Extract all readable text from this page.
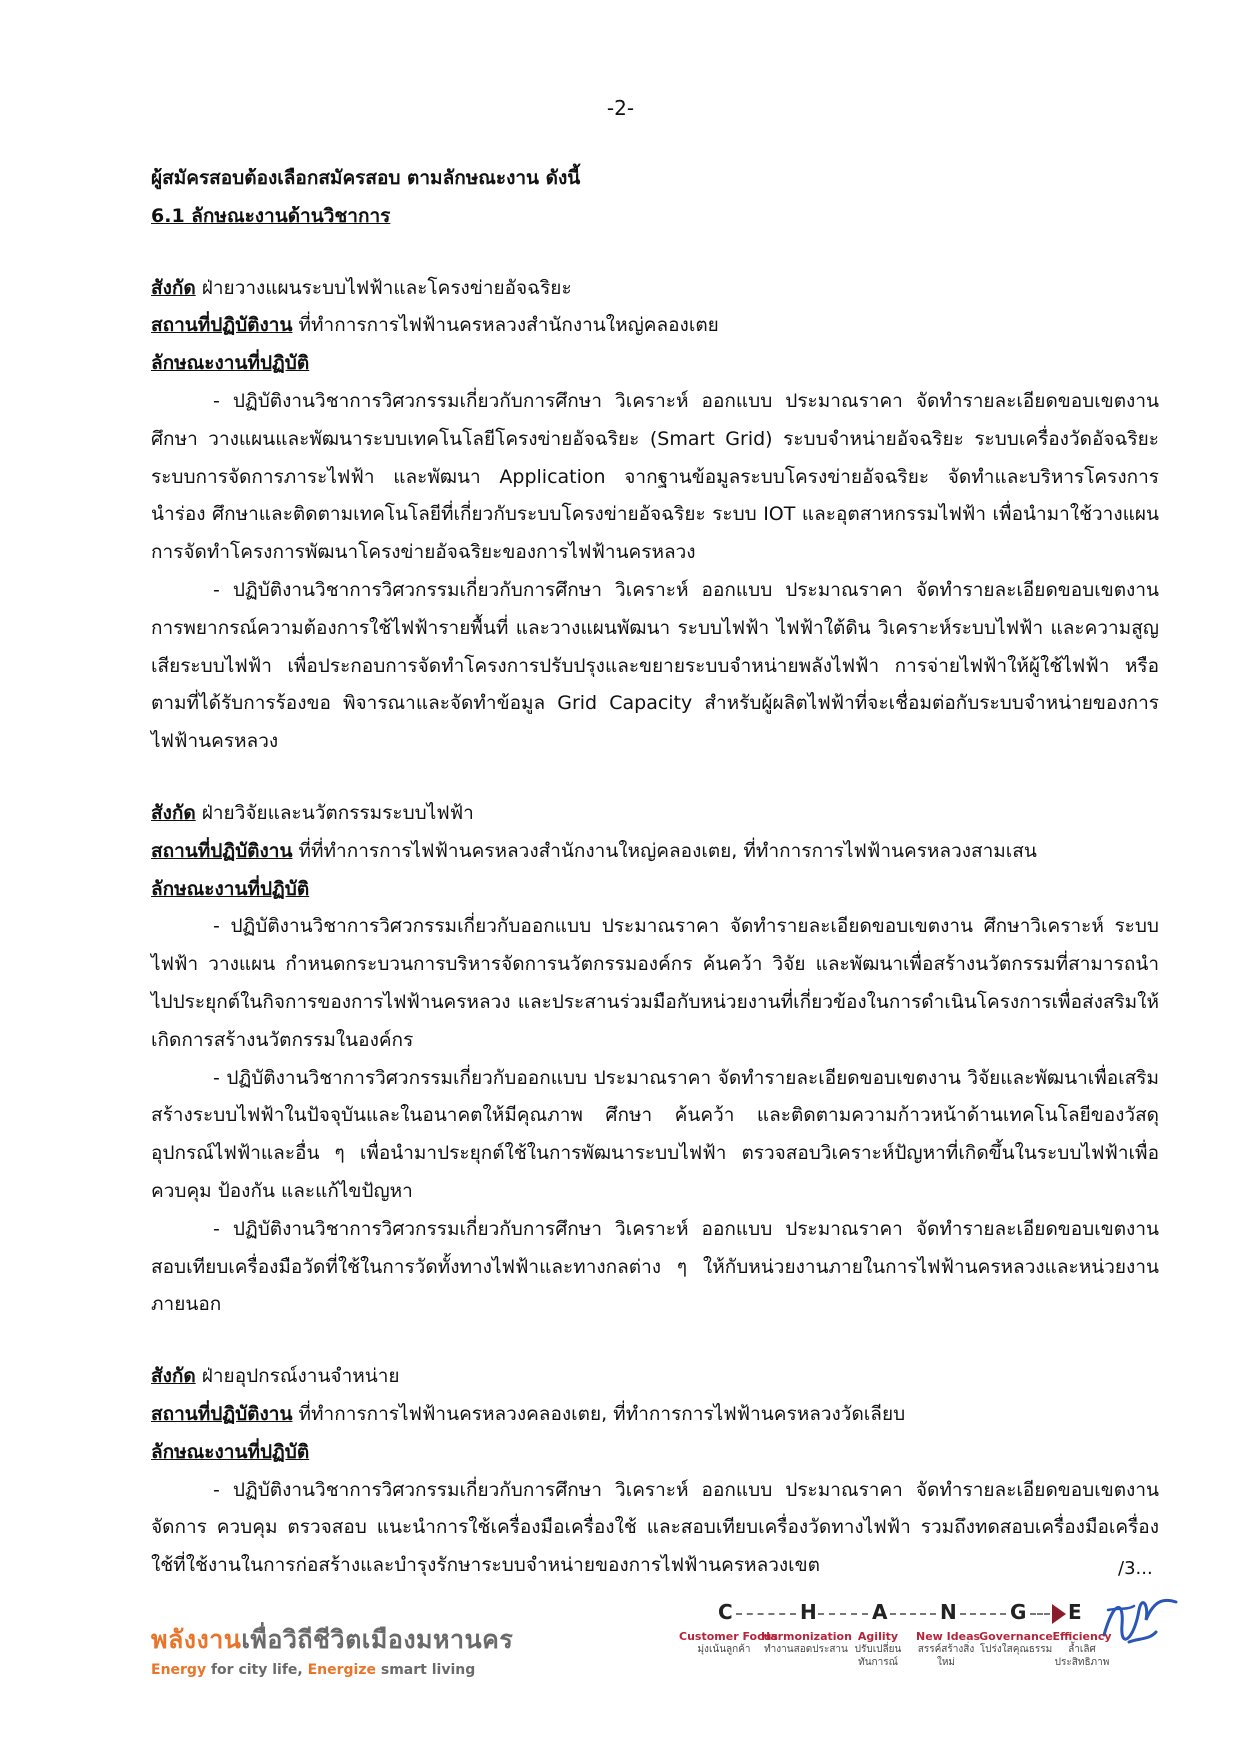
-2-

ผู้สมัครสอบต้องเลือกสมัครสอบ ตามลักษณะงาน ดังนี้

6.1 ลักษณะงานด้านวิชาการ

สังกัด ฝ่ายวางแผนระบบไฟฟ้าและโครงข่ายอัจฉริยะ

สถานที่ปฏิบัติงาน ที่ทำการการไฟฟ้านครหลวงสำนักงานใหญ่คลองเตย

ลักษณะงานที่ปฏิบัติ

- ปฏิบัติงานวิชาการวิศวกรรมเกี่ยวกับการศึกษา วิเคราะห์ ออกแบบ ประมาณราคา จัดทำรายละเอียดขอบเขตงาน ศึกษา วางแผนและพัฒนาระบบเทคโนโลยีโครงข่ายอัจฉริยะ (Smart Grid) ระบบจำหน่ายอัจฉริยะ ระบบเครื่องวัดอัจฉริยะ ระบบการจัดการภาระไฟฟ้า และพัฒนา Application จากฐานข้อมูลระบบโครงข่ายอัจฉริยะ จัดทำและบริหารโครงการนำร่อง ศึกษาและติดตามเทคโนโลยีที่เกี่ยวกับระบบโครงข่ายอัจฉริยะ ระบบ IOT และอุตสาหกรรมไฟฟ้า เพื่อนำมาใช้วางแผนการจัดทำโครงการพัฒนาโครงข่ายอัจฉริยะของการไฟฟ้านครหลวง

- ปฏิบัติงานวิชาการวิศวกรรมเกี่ยวกับการศึกษา วิเคราะห์ ออกแบบ ประมาณราคา จัดทำรายละเอียดขอบเขตงาน การพยากรณ์ความต้องการใช้ไฟฟ้ารายพื้นที่ และวางแผนพัฒนา ระบบไฟฟ้า ไฟฟ้าใต้ดิน วิเคราะห์ระบบไฟฟ้า และความสูญเสียระบบไฟฟ้า เพื่อประกอบการจัดทำโครงการปรับปรุงและขยายระบบจำหน่ายพลังไฟฟ้า การจ่ายไฟฟ้าให้ผู้ใช้ไฟฟ้า หรือตามที่ได้รับการร้องขอ พิจารณาและจัดทำข้อมูล Grid Capacity สำหรับผู้ผลิตไฟฟ้าที่จะเชื่อมต่อกับระบบจำหน่ายของการไฟฟ้านครหลวง

สังกัด ฝ่ายวิจัยและนวัตกรรมระบบไฟฟ้า

สถานที่ปฏิบัติงาน ที่ที่ทำการการไฟฟ้านครหลวงสำนักงานใหญ่คลองเตย, ที่ทำการการไฟฟ้านครหลวงสามเสน

ลักษณะงานที่ปฏิบัติ

- ปฏิบัติงานวิชาการวิศวกรรมเกี่ยวกับออกแบบ ประมาณราคา จัดทำรายละเอียดขอบเขตงาน ศึกษาวิเคราะห์ ระบบไฟฟ้า วางแผน กำหนดกระบวนการบริหารจัดการนวัตกรรมองค์กร ค้นคว้า วิจัย และพัฒนาเพื่อสร้างนวัตกรรมที่สามารถนำไปประยุกต์ในกิจการของการไฟฟ้านครหลวง และประสานร่วมมือกับหน่วยงานที่เกี่ยวข้องในการดำเนินโครงการเพื่อส่งสริมให้เกิดการสร้างนวัตกรรมในองค์กร

- ปฏิบัติงานวิชาการวิศวกรรมเกี่ยวกับออกแบบ ประมาณราคา จัดทำรายละเอียดขอบเขตงาน วิจัยและพัฒนาเพื่อเสริมสร้างระบบไฟฟ้าในปัจจุบันและในอนาคตให้มีคุณภาพ ศึกษา ค้นคว้า และติดตามความก้าวหน้าด้านเทคโนโลยีของวัสดุ อุปกรณ์ไฟฟ้าและอื่น ๆ เพื่อนำมาประยุกต์ใช้ในการพัฒนาระบบไฟฟ้า ตรวจสอบวิเคราะห์ปัญหาที่เกิดขึ้นในระบบไฟฟ้าเพื่อควบคุม ป้องกัน และแก้ไขปัญหา

- ปฏิบัติงานวิชาการวิศวกรรมเกี่ยวกับการศึกษา วิเคราะห์ ออกแบบ ประมาณราคา จัดทำรายละเอียดขอบเขตงาน สอบเทียบเครื่องมือวัดที่ใช้ในการวัดทั้งทางไฟฟ้าและทางกลต่าง ๆ ให้กับหน่วยงานภายในการไฟฟ้านครหลวงและหน่วยงานภายนอก

สังกัด ฝ่ายอุปกรณ์งานจำหน่าย

สถานที่ปฏิบัติงาน ที่ทำการการไฟฟ้านครหลวงคลองเตย, ที่ทำการการไฟฟ้านครหลวงวัดเลียบ

ลักษณะงานที่ปฏิบัติ

- ปฏิบัติงานวิชาการวิศวกรรมเกี่ยวกับการศึกษา วิเคราะห์ ออกแบบ ประมาณราคา จัดทำรายละเอียดขอบเขตงาน จัดการ ควบคุม ตรวจสอบ แนะนำการใช้เครื่องมือเครื่องใช้ และสอบเทียบเครื่องวัดทางไฟฟ้า รวมถึงทดสอบเครื่องมือเครื่องใช้ที่ใช้งานในการก่อสร้างและบำรุงรักษาระบบจำหน่ายของการไฟฟ้านครหลวงเขต	/3...
พลังงานเพื่อวิถีชีวิตเมืองมหานคร
Energy for city life, Energize smart living
C	H	A	N	G E
Customer Focus
มุ่งเน้นลูกค้า
Harmonization
ทำงานสอดประสาน
Agility
ปรับเปลี่ยนทันการณ์
New Ideas
สรรค์สร้างสิ่งใหม่
Governance
โปร่งใสคุณธรรม
Efficiency
ล้ำเลิศประสิทธิภาพ
